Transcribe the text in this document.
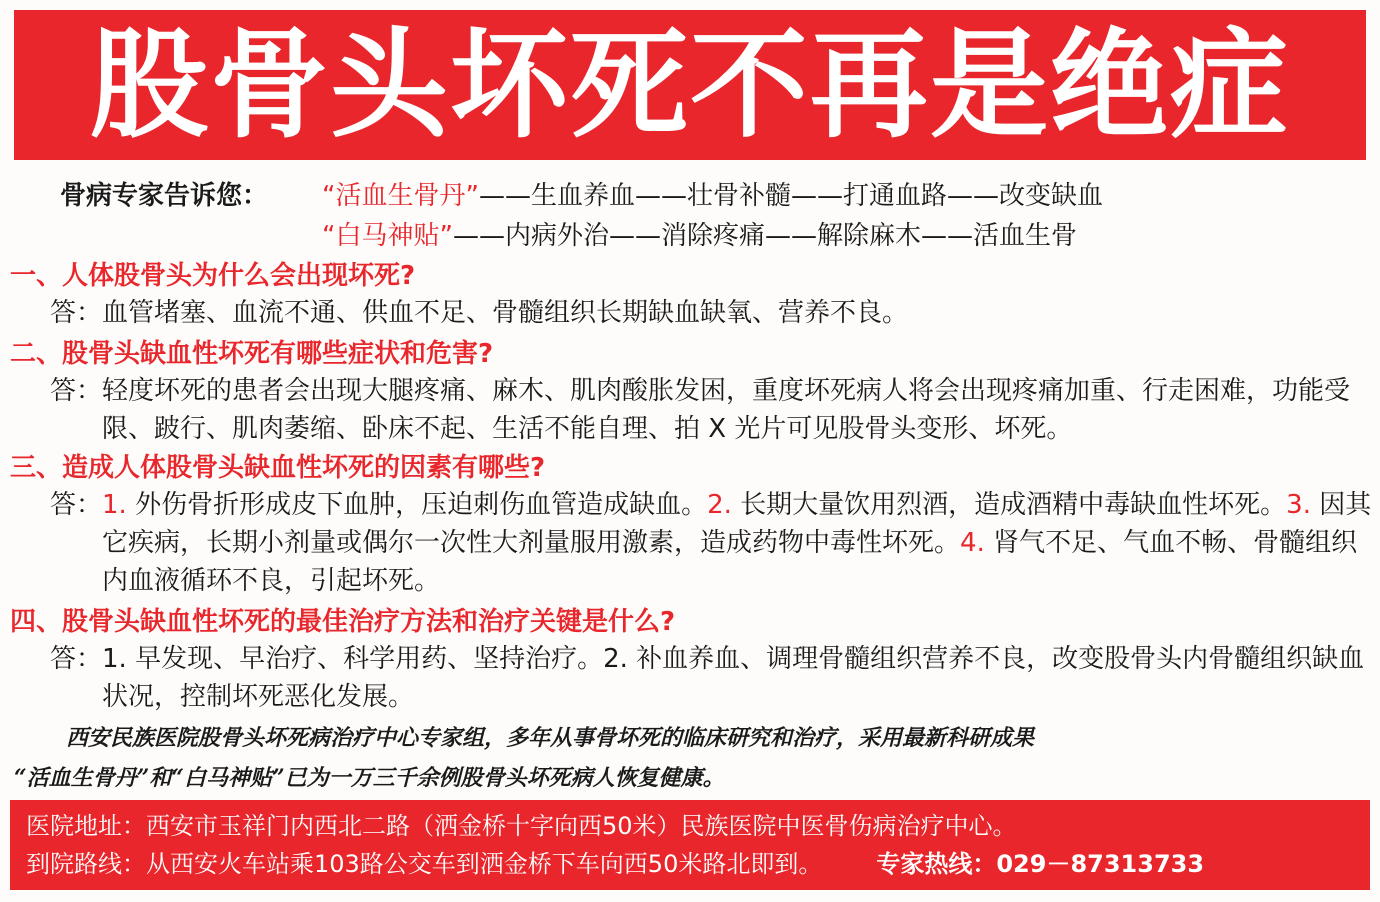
股骨头坏死不再是绝症
骨病专家告诉您：	“活血生骨丹” ——生血养血——壮骨补髓——打通血路——改变缺血
“白马神贴” ——内病外治——消除疼痛——解除麻木——活血生骨
一、人体股骨头为什么会出现坏死?
答： 血管堵塞、血流不通、供血不足、骨髓组织长期缺血缺氧、营养不良。
二、股骨头缺血性坏死有哪些症状和危害?
答： 轻度坏死的患者会出现大腿疼痛、麻木、肌肉酸胀发困，重度坏死病人将会出现疼痛加重、行走困难，功能受限、跛行、肌肉萎缩、卧床不起、生活不能自理、拍 X 光片可见股骨头变形、坏死。
三、造成人体股骨头缺血性坏死的因素有哪些?
答： 1. 外伤骨折形成皮下血肿，压迫刺伤血管造成缺血。2. 长期大量饮用烈酒，造成酒精中毒缺血性坏死。3. 因其它疾病，长期小剂量或偶尔一次性大剂量服用激素，造成药物中毒性坏死。4. 肾气不足、气血不畅、骨髓组织内血液循环不良，引起坏死。
四、股骨头缺血性坏死的最佳治疗方法和治疗关键是什么?
答： 1. 早发现、早治疗、科学用药、坚持治疗。2. 补血养血、调理骨髓组织营养不良，改变股骨头内骨髓组织缺血状况，控制坏死恶化发展。
西安民族医院股骨头坏死病治疗中心专家组，多年从事骨坏死的临床研究和治疗，采用最新科研成果
“活血生骨丹”和“白马神贴”已为一万三千余例股骨头坏死病人恢复健康。
医院地址：西安市玉祥门内西北二路（洒金桥十字向西50米）民族医院中医骨伤病治疗中心。
到院路线：从西安火车站乘103路公交车到洒金桥下车向西50米路北即到。 专家热线：029－87313733
